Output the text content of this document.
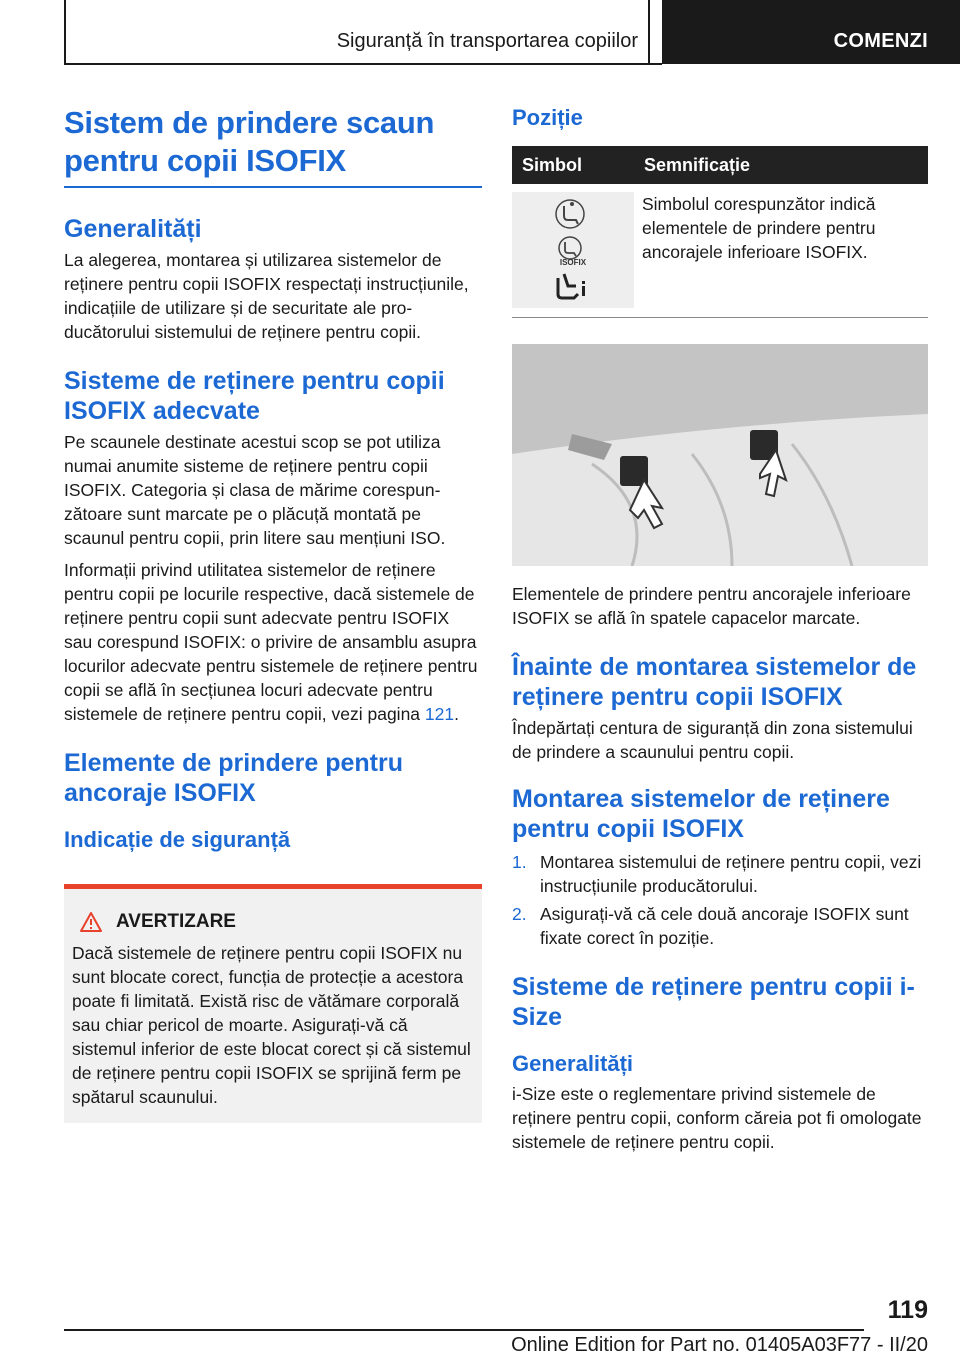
Siguranță în transportarea copiilor	COMENZI
Sistem de prindere scaun pentru copii ISOFIX
Generalități
La alegerea, montarea și utilizarea sistemelor de reținere pentru copii ISOFIX respectați instrucțiunile, indicațiile de utilizare și de securitate ale producătorului sistemului de reținere pentru copii.
Sisteme de reținere pentru copii ISOFIX adecvate
Pe scaunele destinate acestui scop se pot utiliza numai anumite sisteme de reținere pentru copii ISOFIX. Categoria și clasa de mărime corespunzătoare sunt marcate pe o plăcuță montată pe scaunul pentru copii, prin litere sau mențiuni ISO.
Informații privind utilitatea sistemelor de reținere pentru copii pe locurile respective, dacă sistemele de reținere pentru copii sunt adecvate pentru ISOFIX sau corespund ISOFIX: o privire de ansamblu asupra locurilor adecvate pentru sistemele de reținere pentru copii se află în secțiunea locuri adecvate pentru sistemele de reținere pentru copii, vezi pagina 121.
Elemente de prindere pentru ancoraje ISOFIX
Indicație de siguranță
AVERTIZARE
Dacă sistemele de reținere pentru copii ISOFIX nu sunt blocate corect, funcția de protecție a acestora poate fi limitată. Există risc de vătămare corporală sau chiar pericol de moarte. Asigurați-vă că sistemul inferior de este blocat corect și că sistemul de reținere pentru copii ISOFIX se sprijină ferm pe spătarul scaunului.
Poziție
Simbol	Semnificație
ISOFIX
Simbolul corespunzător indică elementele de prindere pentru ancorajele inferioare ISOFIX.
Elementele de prindere pentru ancorajele inferioare ISOFIX se află în spatele capacelor marcate.
Înainte de montarea sistemelor de reținere pentru copii ISOFIX
Îndepărtați centura de siguranță din zona sistemului de prindere a scaunului pentru copii.
Montarea sistemelor de reținere pentru copii ISOFIX
1. Montarea sistemului de reținere pentru copii, vezi instrucțiunile producătorului.
2. Asigurați-vă că cele două ancoraje ISOFIX sunt fixate corect în poziție.
Sisteme de reținere pentru copii i-Size
Generalități
i-Size este o reglementare privind sistemele de reținere pentru copii, conform căreia pot fi omologate sistemele de reținere pentru copii.
119
Online Edition for Part no. 01405A03F77 - II/20
